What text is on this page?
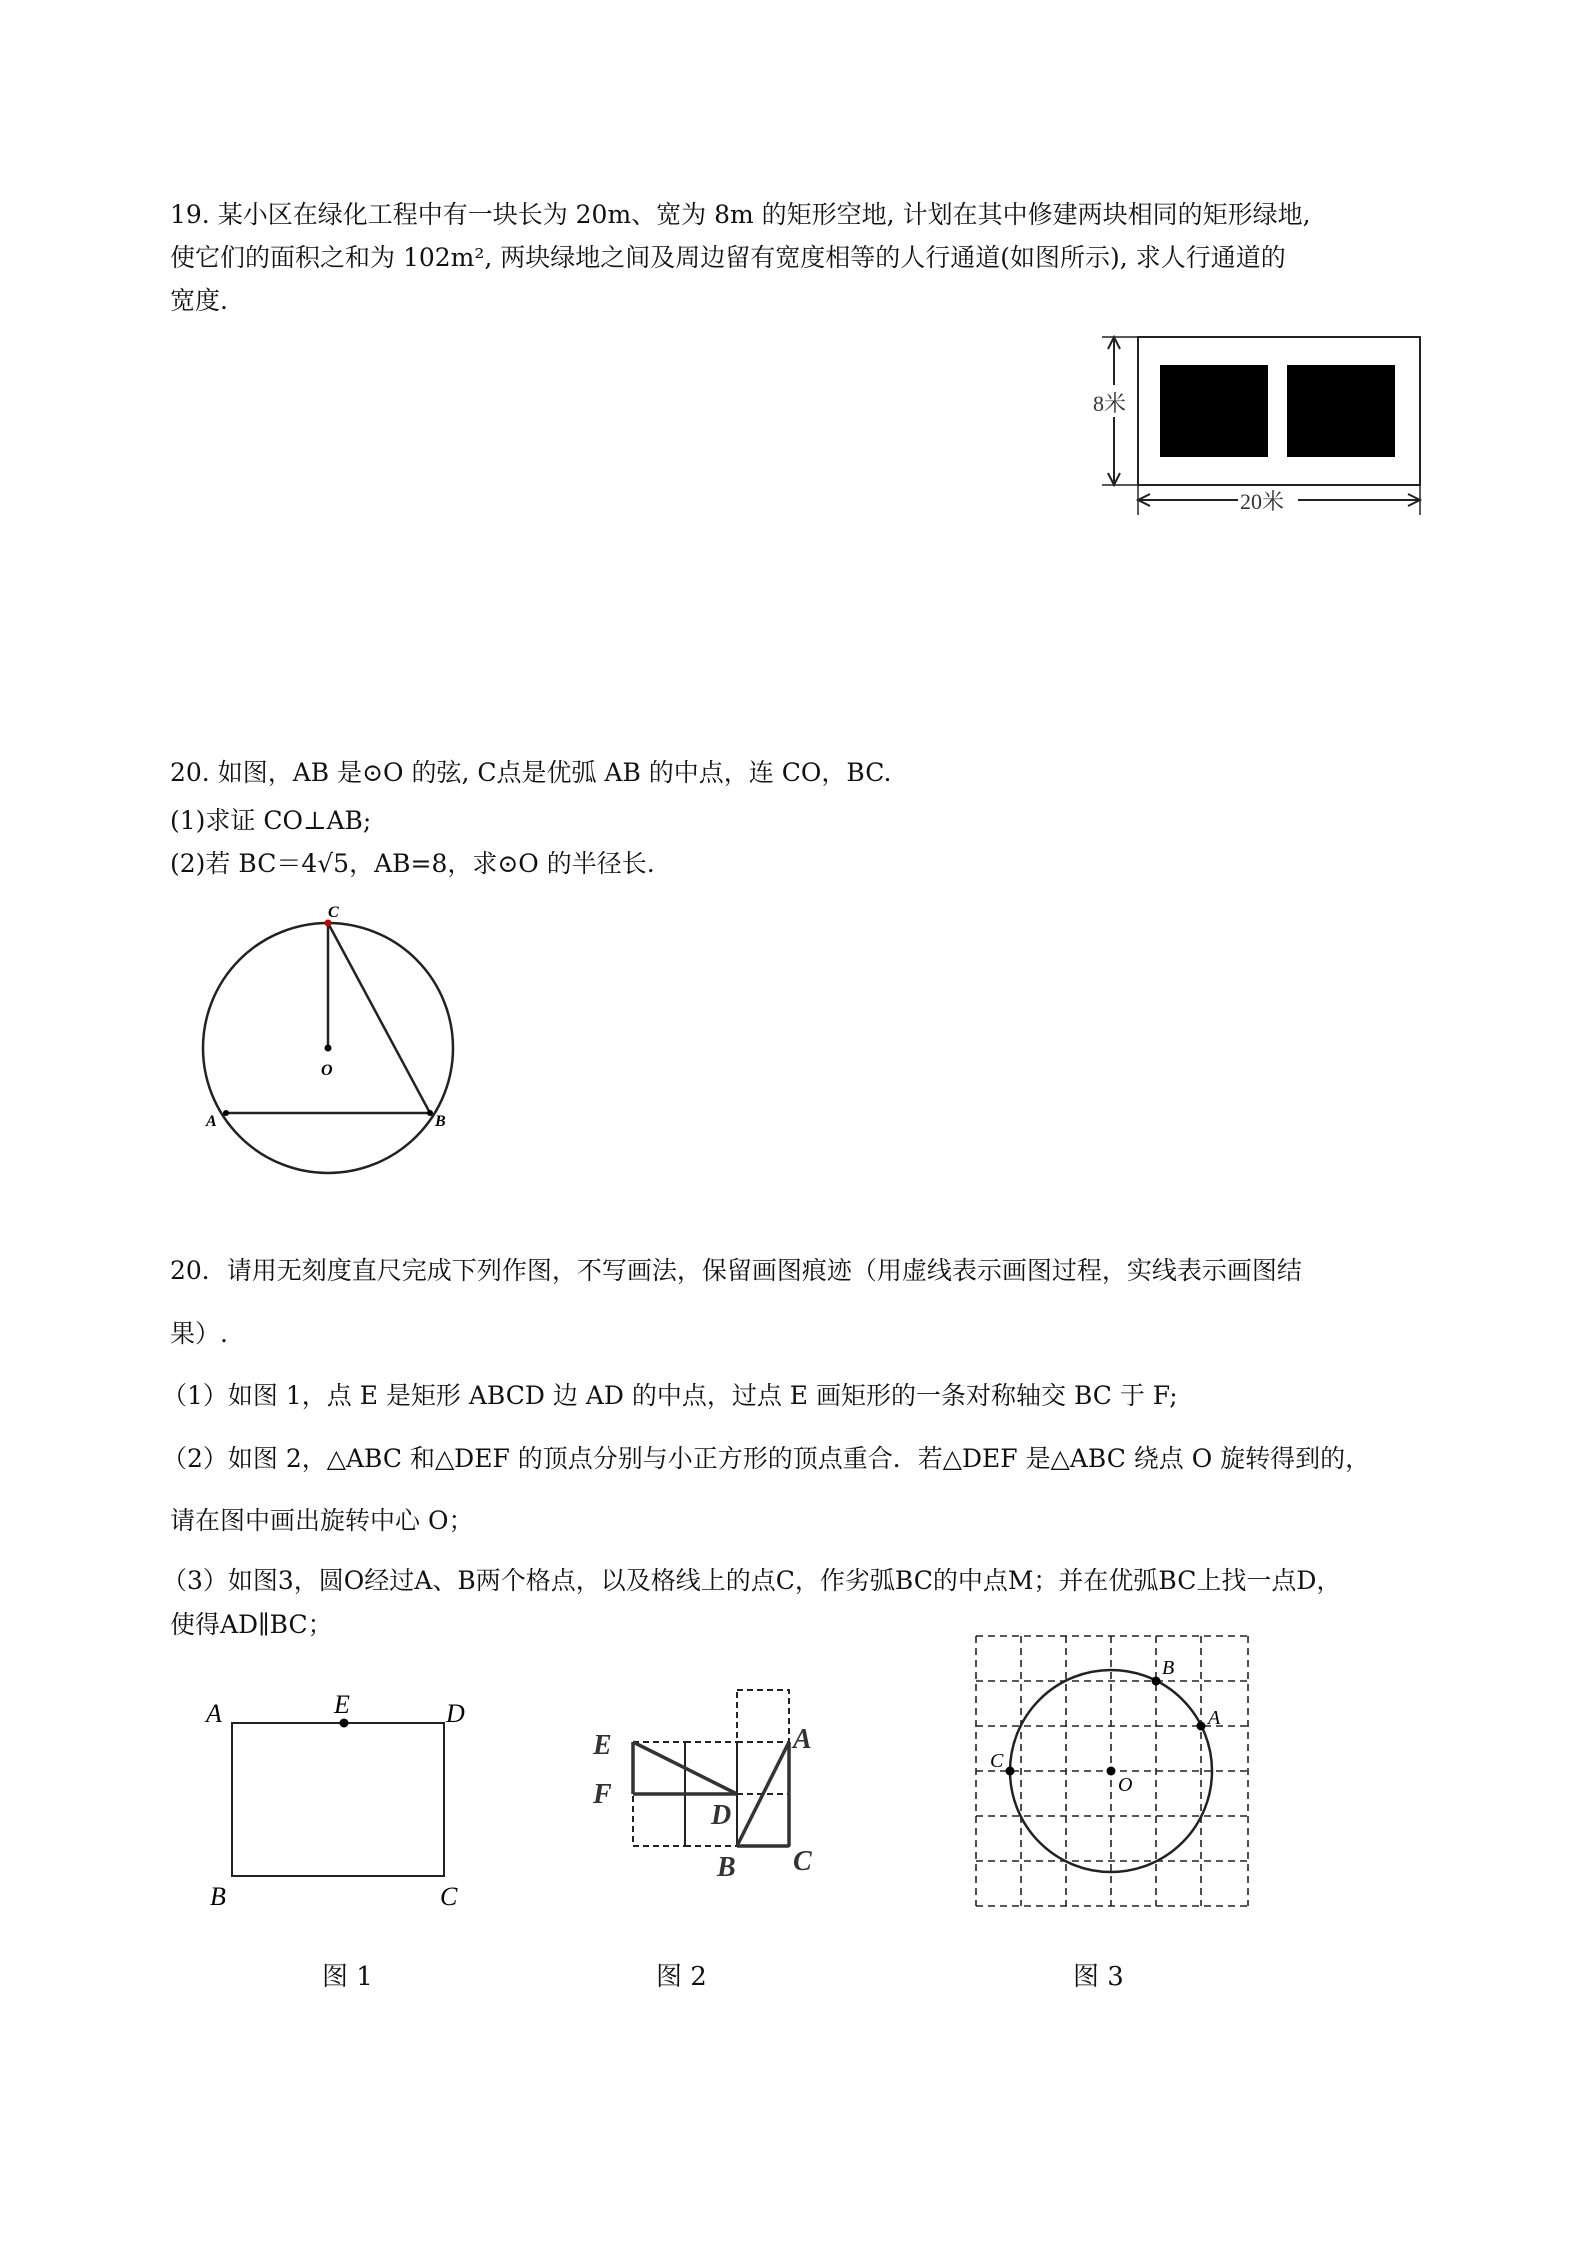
19. 某小区在绿化工程中有一块长为 20m、宽为 8m 的矩形空地, 计划在其中修建两块相同的矩形绿地,
使它们的面积之和为 102m², 两块绿地之间及周边留有宽度相等的人行通道(如图所示), 求人行通道的
宽度.
8米
20米
20. 如图，AB 是⊙O 的弦, C点是优弧 AB 的中点，连 CO，BC.
(1)求证 CO⊥AB;
(2)若 BC＝4√5，AB=8，求⊙O 的半径长.
C
O
A	B
20．请用无刻度直尺完成下列作图，不写画法，保留画图痕迹（用虚线表示画图过程，实线表示画图结
果）.
（1）如图 1，点 E 是矩形 ABCD 边 AD 的中点，过点 E 画矩形的一条对称轴交 BC 于 F;
（2）如图 2，△ABC 和△DEF 的顶点分别与小正方形的顶点重合．若△DEF 是△ABC 绕点 O 旋转得到的，
请在图中画出旋转中心 O；
（3）如图3，圆O经过A、B两个格点，以及格线上的点C，作劣弧BC的中点M；并在优弧BC上找一点D，
使得AD∥BC；
A	E	D
B	C
图 1
E
F
D
A
B C
图 2
B
A
C
O
图 3
